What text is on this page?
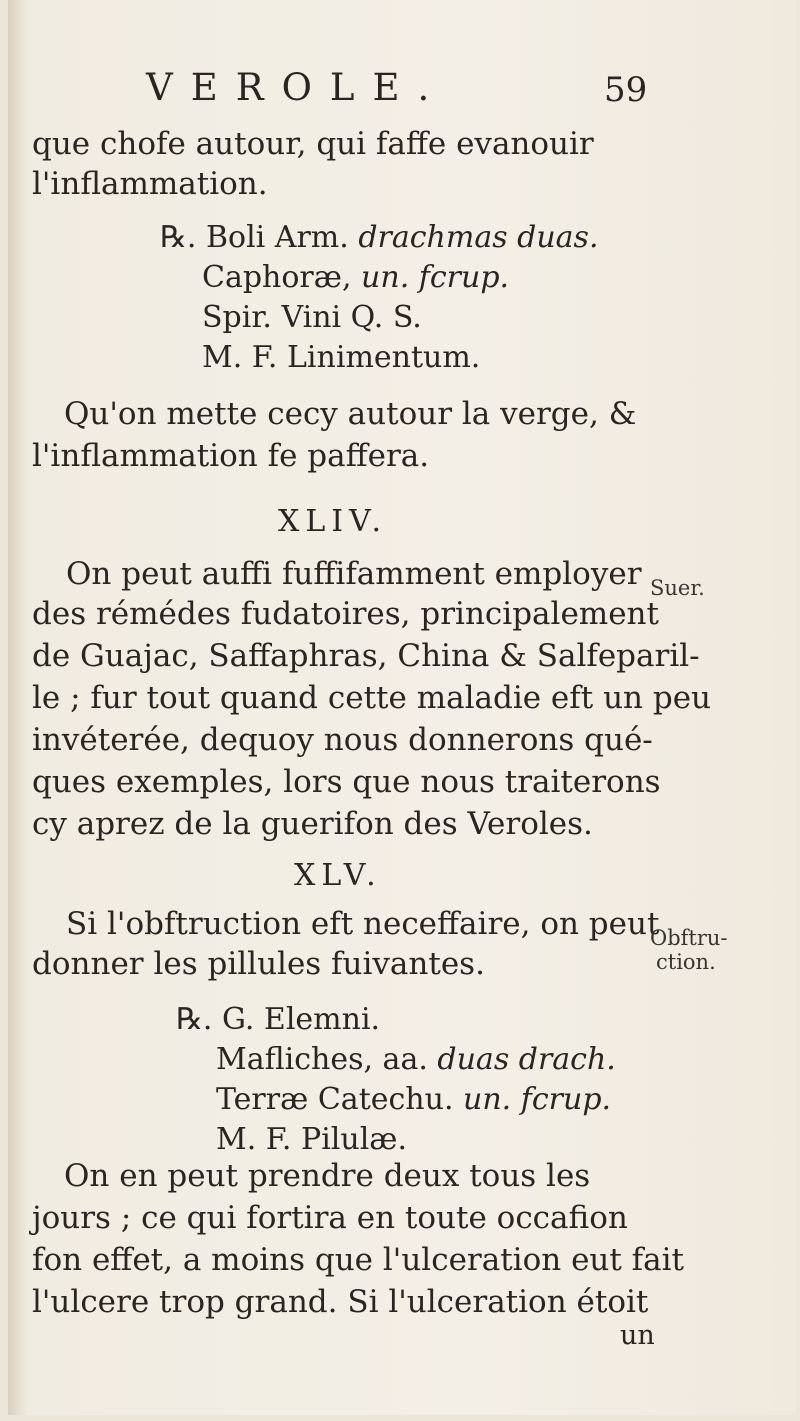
VEROLE.	59
que chofe autour, qui faffe evanouir
l'inflammation.
℞. Boli Arm. drachmas duas.
Caphoræ, un. fcrup.
Spir. Vini Q. S.
M. F. Linimentum.
Qu'on mette cecy autour la verge, &
l'inflammation fe paffera.
XLIV.
On peut auffi fuffifamment employer Suer.
des rémédes fudatoires, principalement
de Guajac, Saffaphras, China & Salfeparil-
le ; fur tout quand cette maladie eft un peu
invéterée, dequoy nous donnerons qué-
ques exemples, lors que nous traiterons
cy aprez de la guerifon des Veroles.
XLV.
Si l'obftruction eft neceffaire, on peut
Obftru-
ction.
donner les pillules fuivantes.
℞. G. Elemni.
Mafliches, aa. duas drach.
Terræ Catechu. un. fcrup.
M. F. Pilulæ.
On en peut prendre deux tous les
jours ; ce qui fortira en toute occafion
fon effet, a moins que l'ulceration eut fait
l'ulcere trop grand. Si l'ulceration étoit
un
